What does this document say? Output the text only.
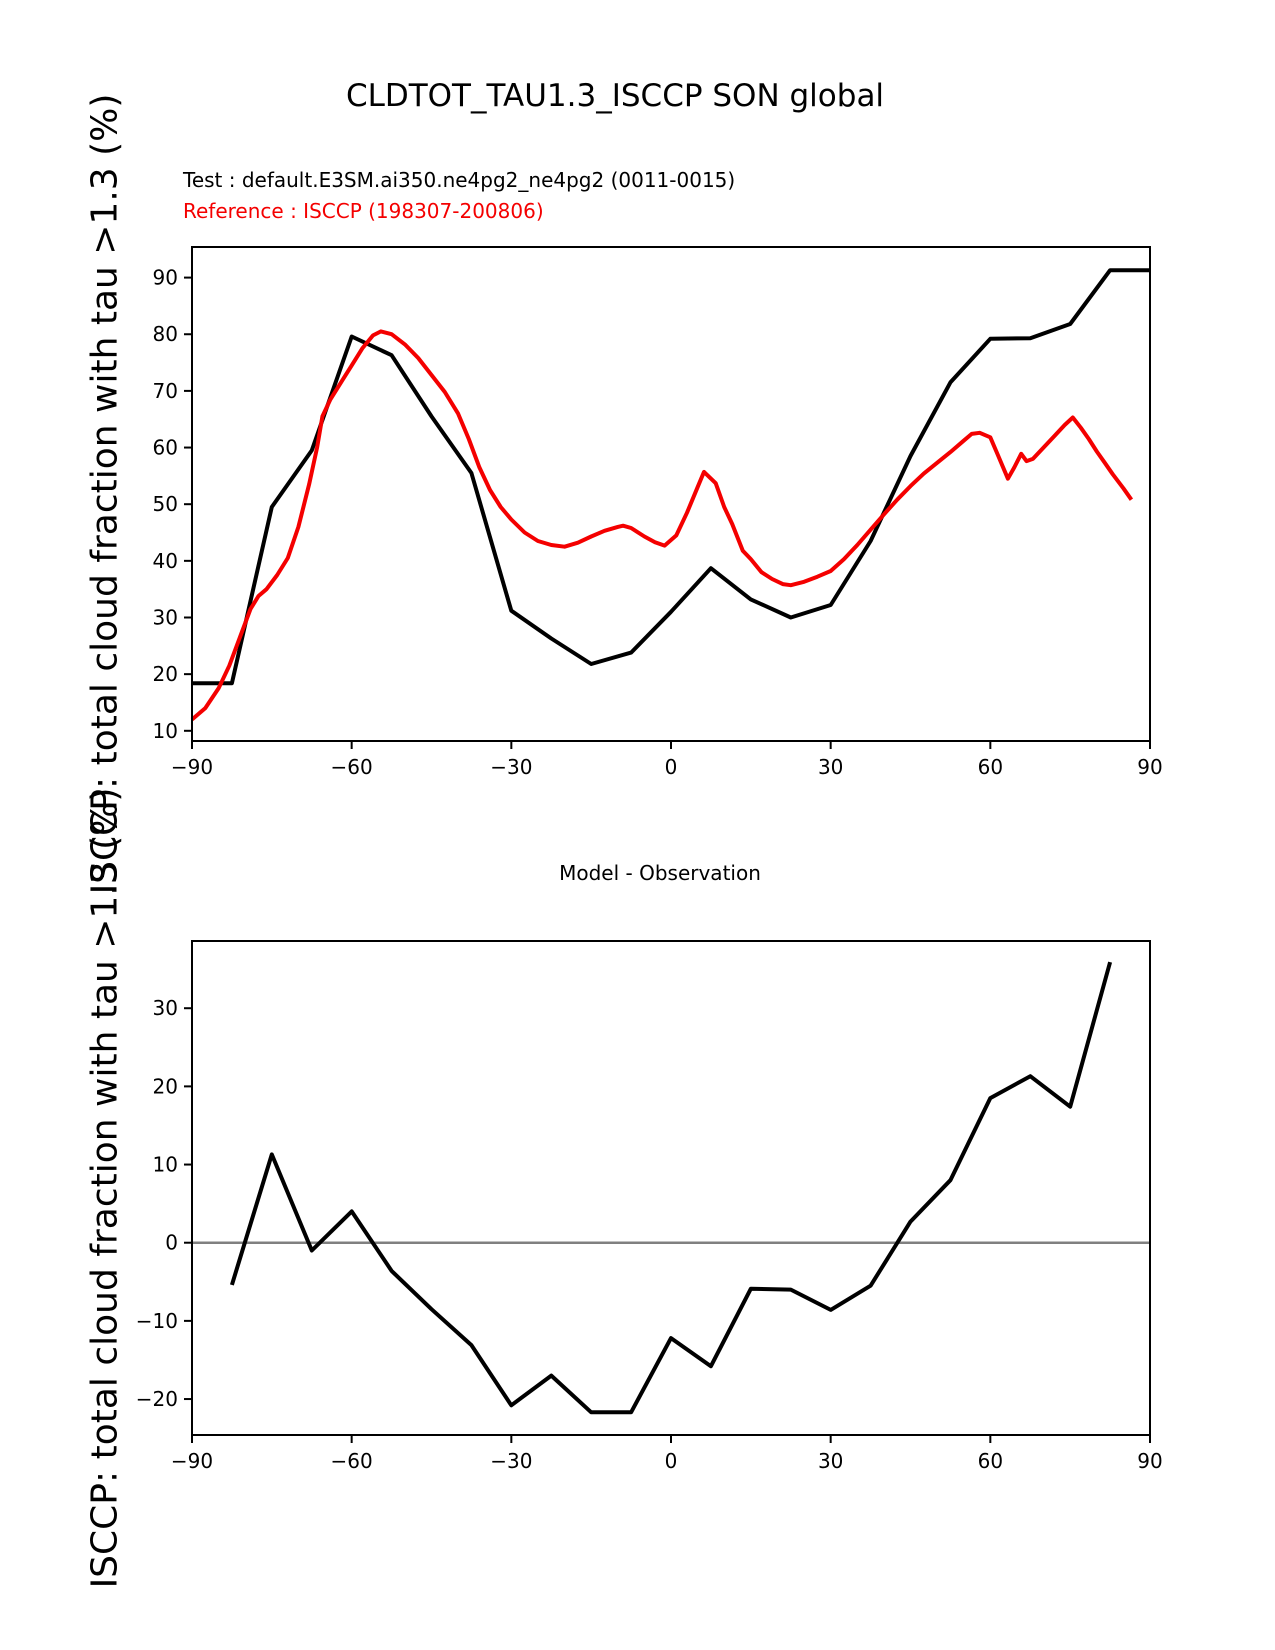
CLDTOT_TAU1.3_ISCCP SON global
Test : default.E3SM.ai350.ne4pg2_ne4pg2 (0011-0015)
Reference : ISCCP (198307-200806)
ISCCP: total cloud fraction with tau >1.3 (%)
ISCCP: total cloud fraction with tau >1.3 (%)	Model - Observation
−90	−60	−30	0	30	60	90
10
20
30
40
50
60
70
80
90
−90	−60	−30	0	30	60	90
−20
−10
0
10
20
30
